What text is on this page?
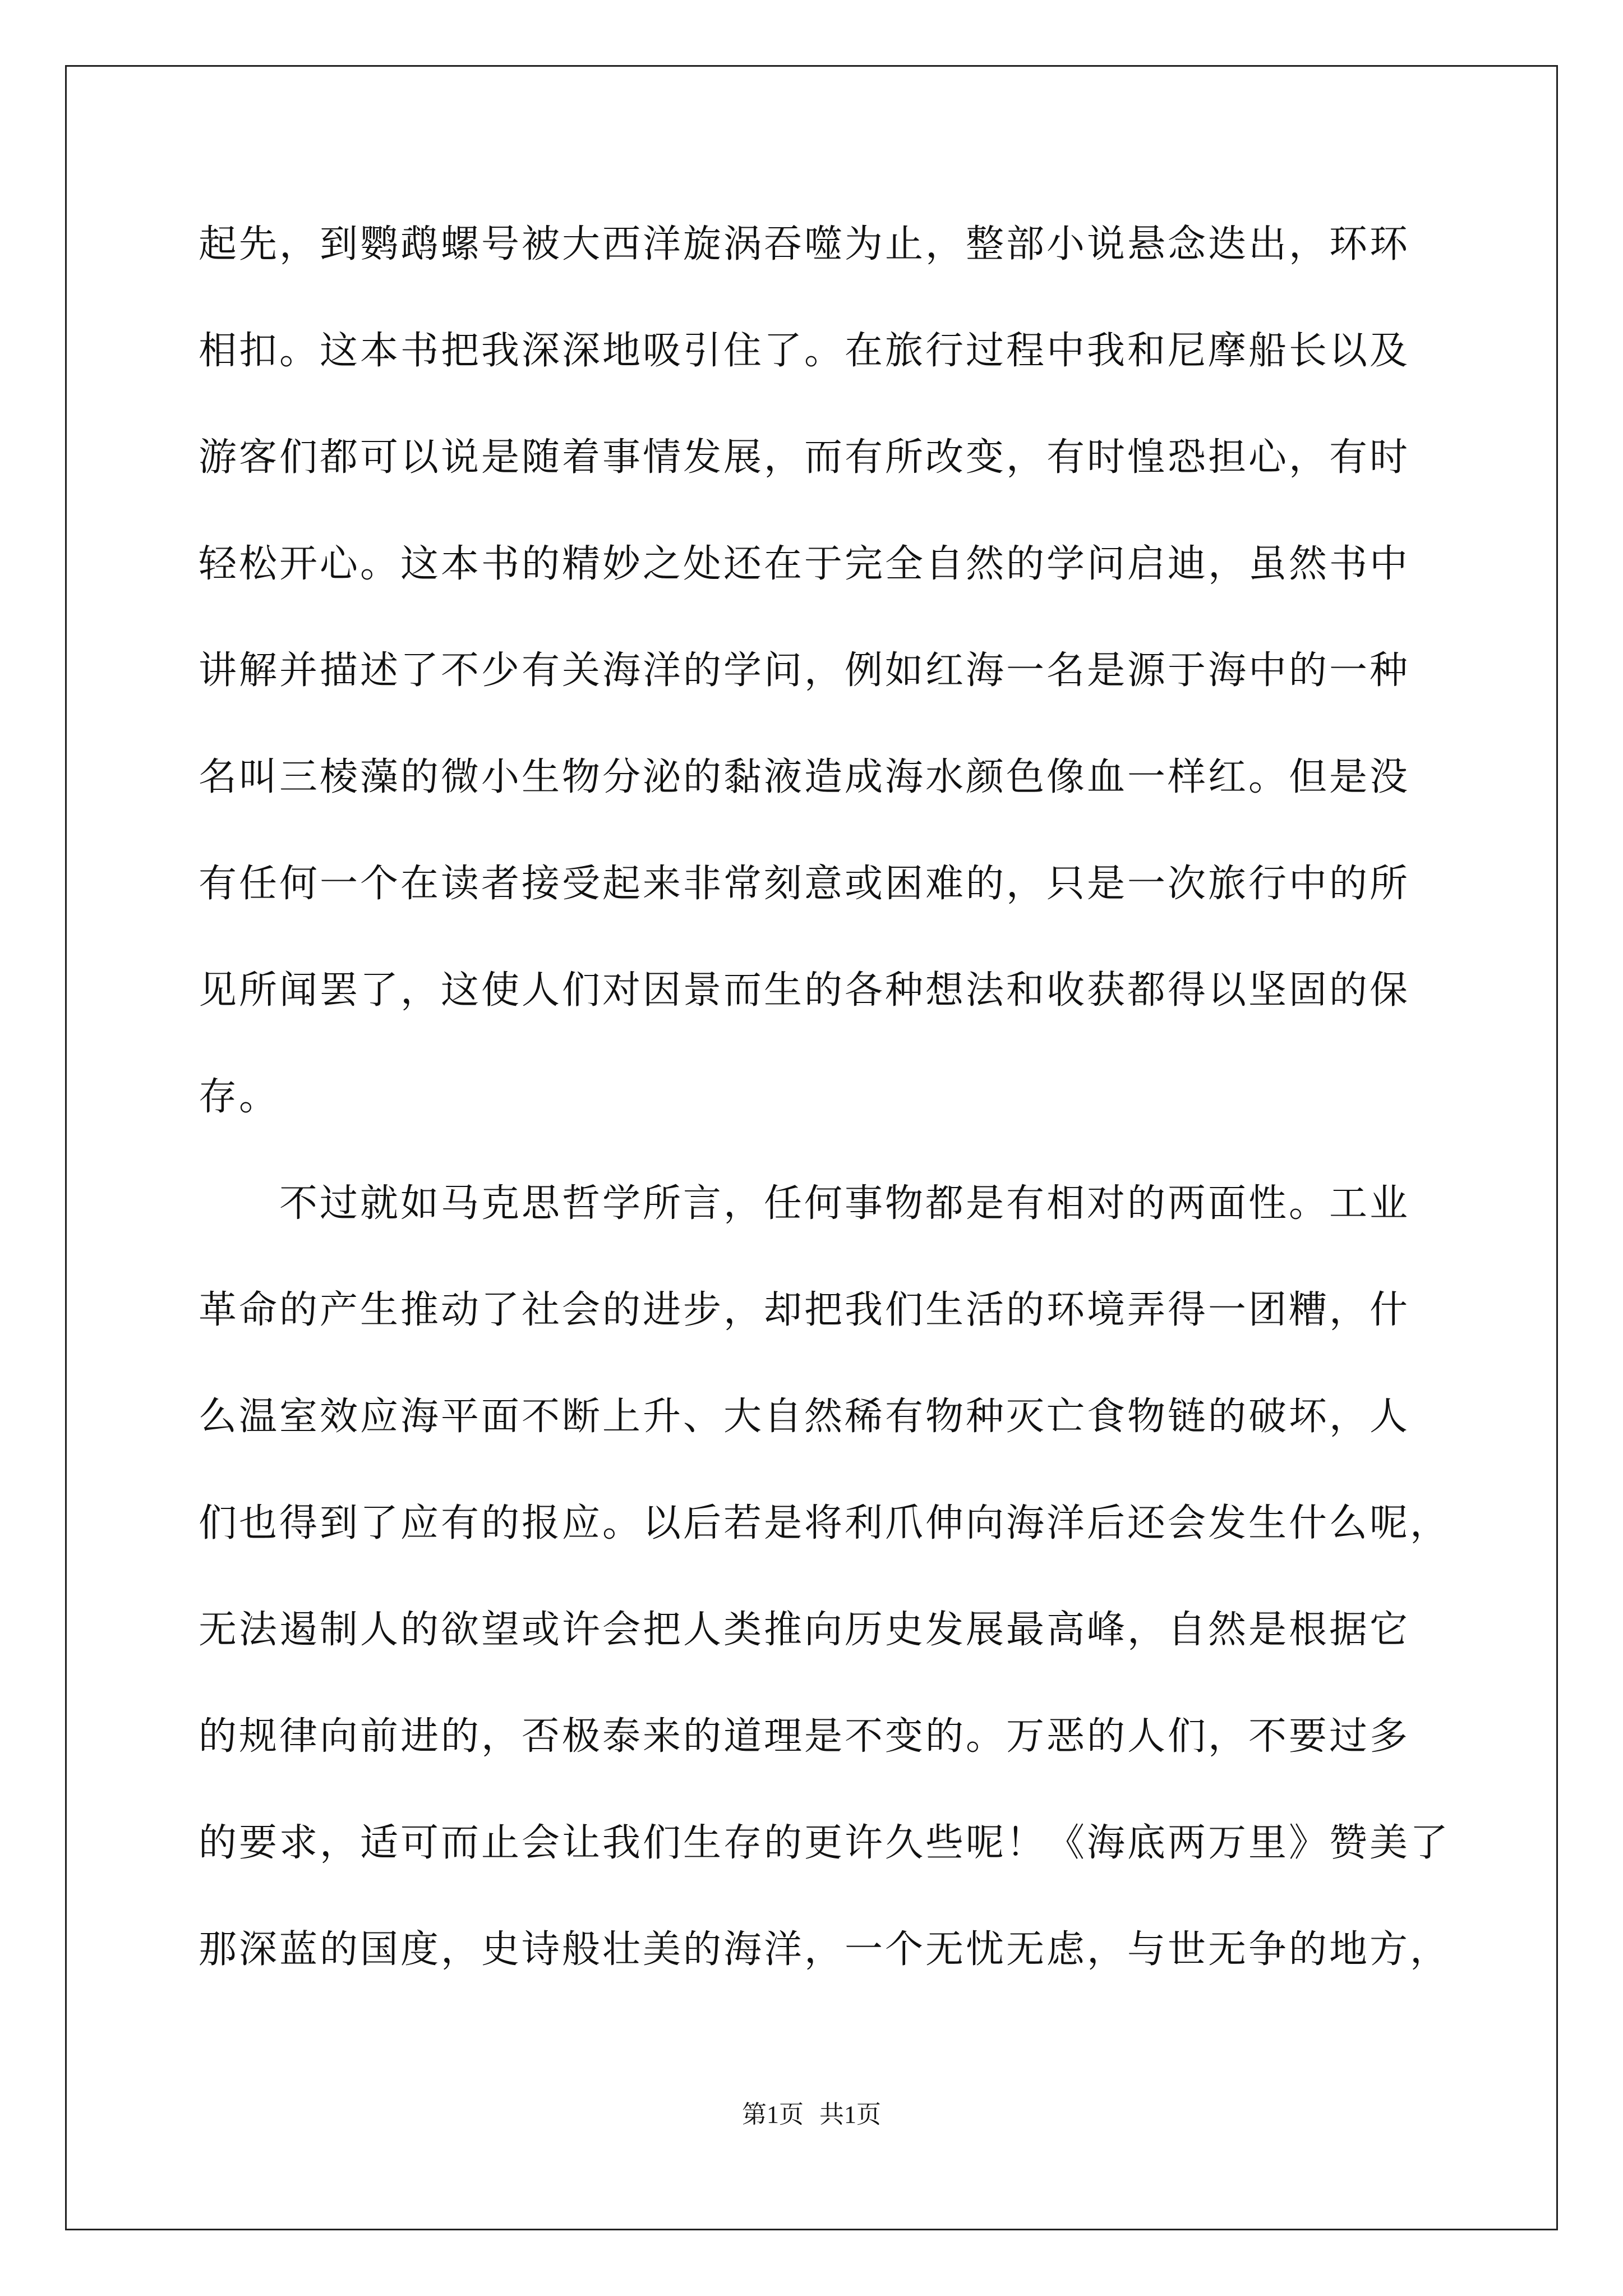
起先，到鹦鹉螺号被大西洋旋涡吞噬为止，整部小说悬念迭出，环环
相扣。这本书把我深深地吸引住了。在旅行过程中我和尼摩船长以及
游客们都可以说是随着事情发展，而有所改变，有时惶恐担心，有时
轻松开心。这本书的精妙之处还在于完全自然的学问启迪，虽然书中
讲解并描述了不少有关海洋的学问，例如红海一名是源于海中的一种
名叫三棱藻的微小生物分泌的黏液造成海水颜色像血一样红。但是没
有任何一个在读者接受起来非常刻意或困难的，只是一次旅行中的所
见所闻罢了，这使人们对因景而生的各种想法和收获都得以坚固的保
存。
　　不过就如马克思哲学所言，任何事物都是有相对的两面性。工业
革命的产生推动了社会的进步，却把我们生活的环境弄得一团糟，什
么温室效应海平面不断上升、大自然稀有物种灭亡食物链的破坏，人
们也得到了应有的报应。以后若是将利爪伸向海洋后还会发生什么呢，
无法遏制人的欲望或许会把人类推向历史发展最高峰，自然是根据它
的规律向前进的，否极泰来的道理是不变的。万恶的人们，不要过多
的要求，适可而止会让我们生存的更许久些呢！《海底两万里》赞美了
那深蓝的国度，史诗般壮美的海洋，一个无忧无虑，与世无争的地方，
第1页 共1页
